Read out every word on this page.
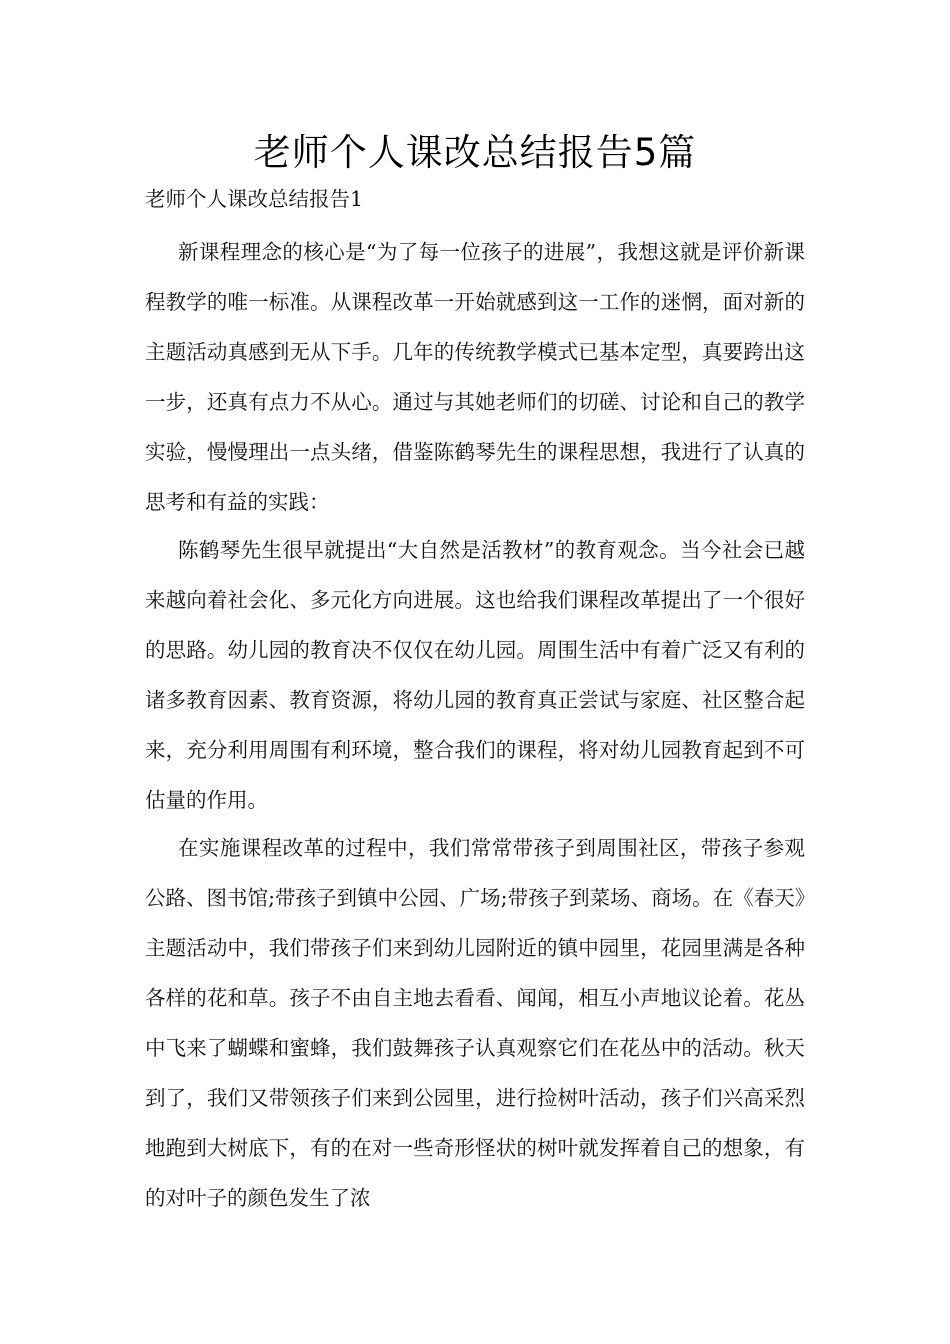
老师个人课改总结报告5篇
老师个人课改总结报告1

新课程理念的核心是“为了每一位孩子的进展”，我想这就是评价新课程教学的唯一标准。从课程改革一开始就感到这一工作的迷惘，面对新的主题活动真感到无从下手。几年的传统教学模式已基本定型，真要跨出这一步，还真有点力不从心。通过与其她老师们的切磋、讨论和自己的教学实验，慢慢理出一点头绪，借鉴陈鹤琴先生的课程思想，我进行了认真的思考和有益的实践：

陈鹤琴先生很早就提出“大自然是活教材”的教育观念。当今社会已越来越向着社会化、多元化方向进展。这也给我们课程改革提出了一个很好的思路。幼儿园的教育决不仅仅在幼儿园。周围生活中有着广泛又有利的诸多教育因素、教育资源，将幼儿园的教育真正尝试与家庭、社区整合起来，充分利用周围有利环境，整合我们的课程，将对幼儿园教育起到不可估量的作用。

在实施课程改革的过程中，我们常常带孩子到周围社区，带孩子参观公路、图书馆;带孩子到镇中公园、广场;带孩子到菜场、商场。在《春天》主题活动中，我们带孩子们来到幼儿园附近的镇中园里，花园里满是各种各样的花和草。孩子不由自主地去看看、闻闻，相互小声地议论着。花丛中飞来了蝴蝶和蜜蜂，我们鼓舞孩子认真观察它们在花丛中的活动。秋天到了，我们又带领孩子们来到公园里，进行捡树叶活动，孩子们兴高采烈地跑到大树底下，有的在对一些奇形怪状的树叶就发挥着自己的想象，有的对叶子的颜色发生了浓
